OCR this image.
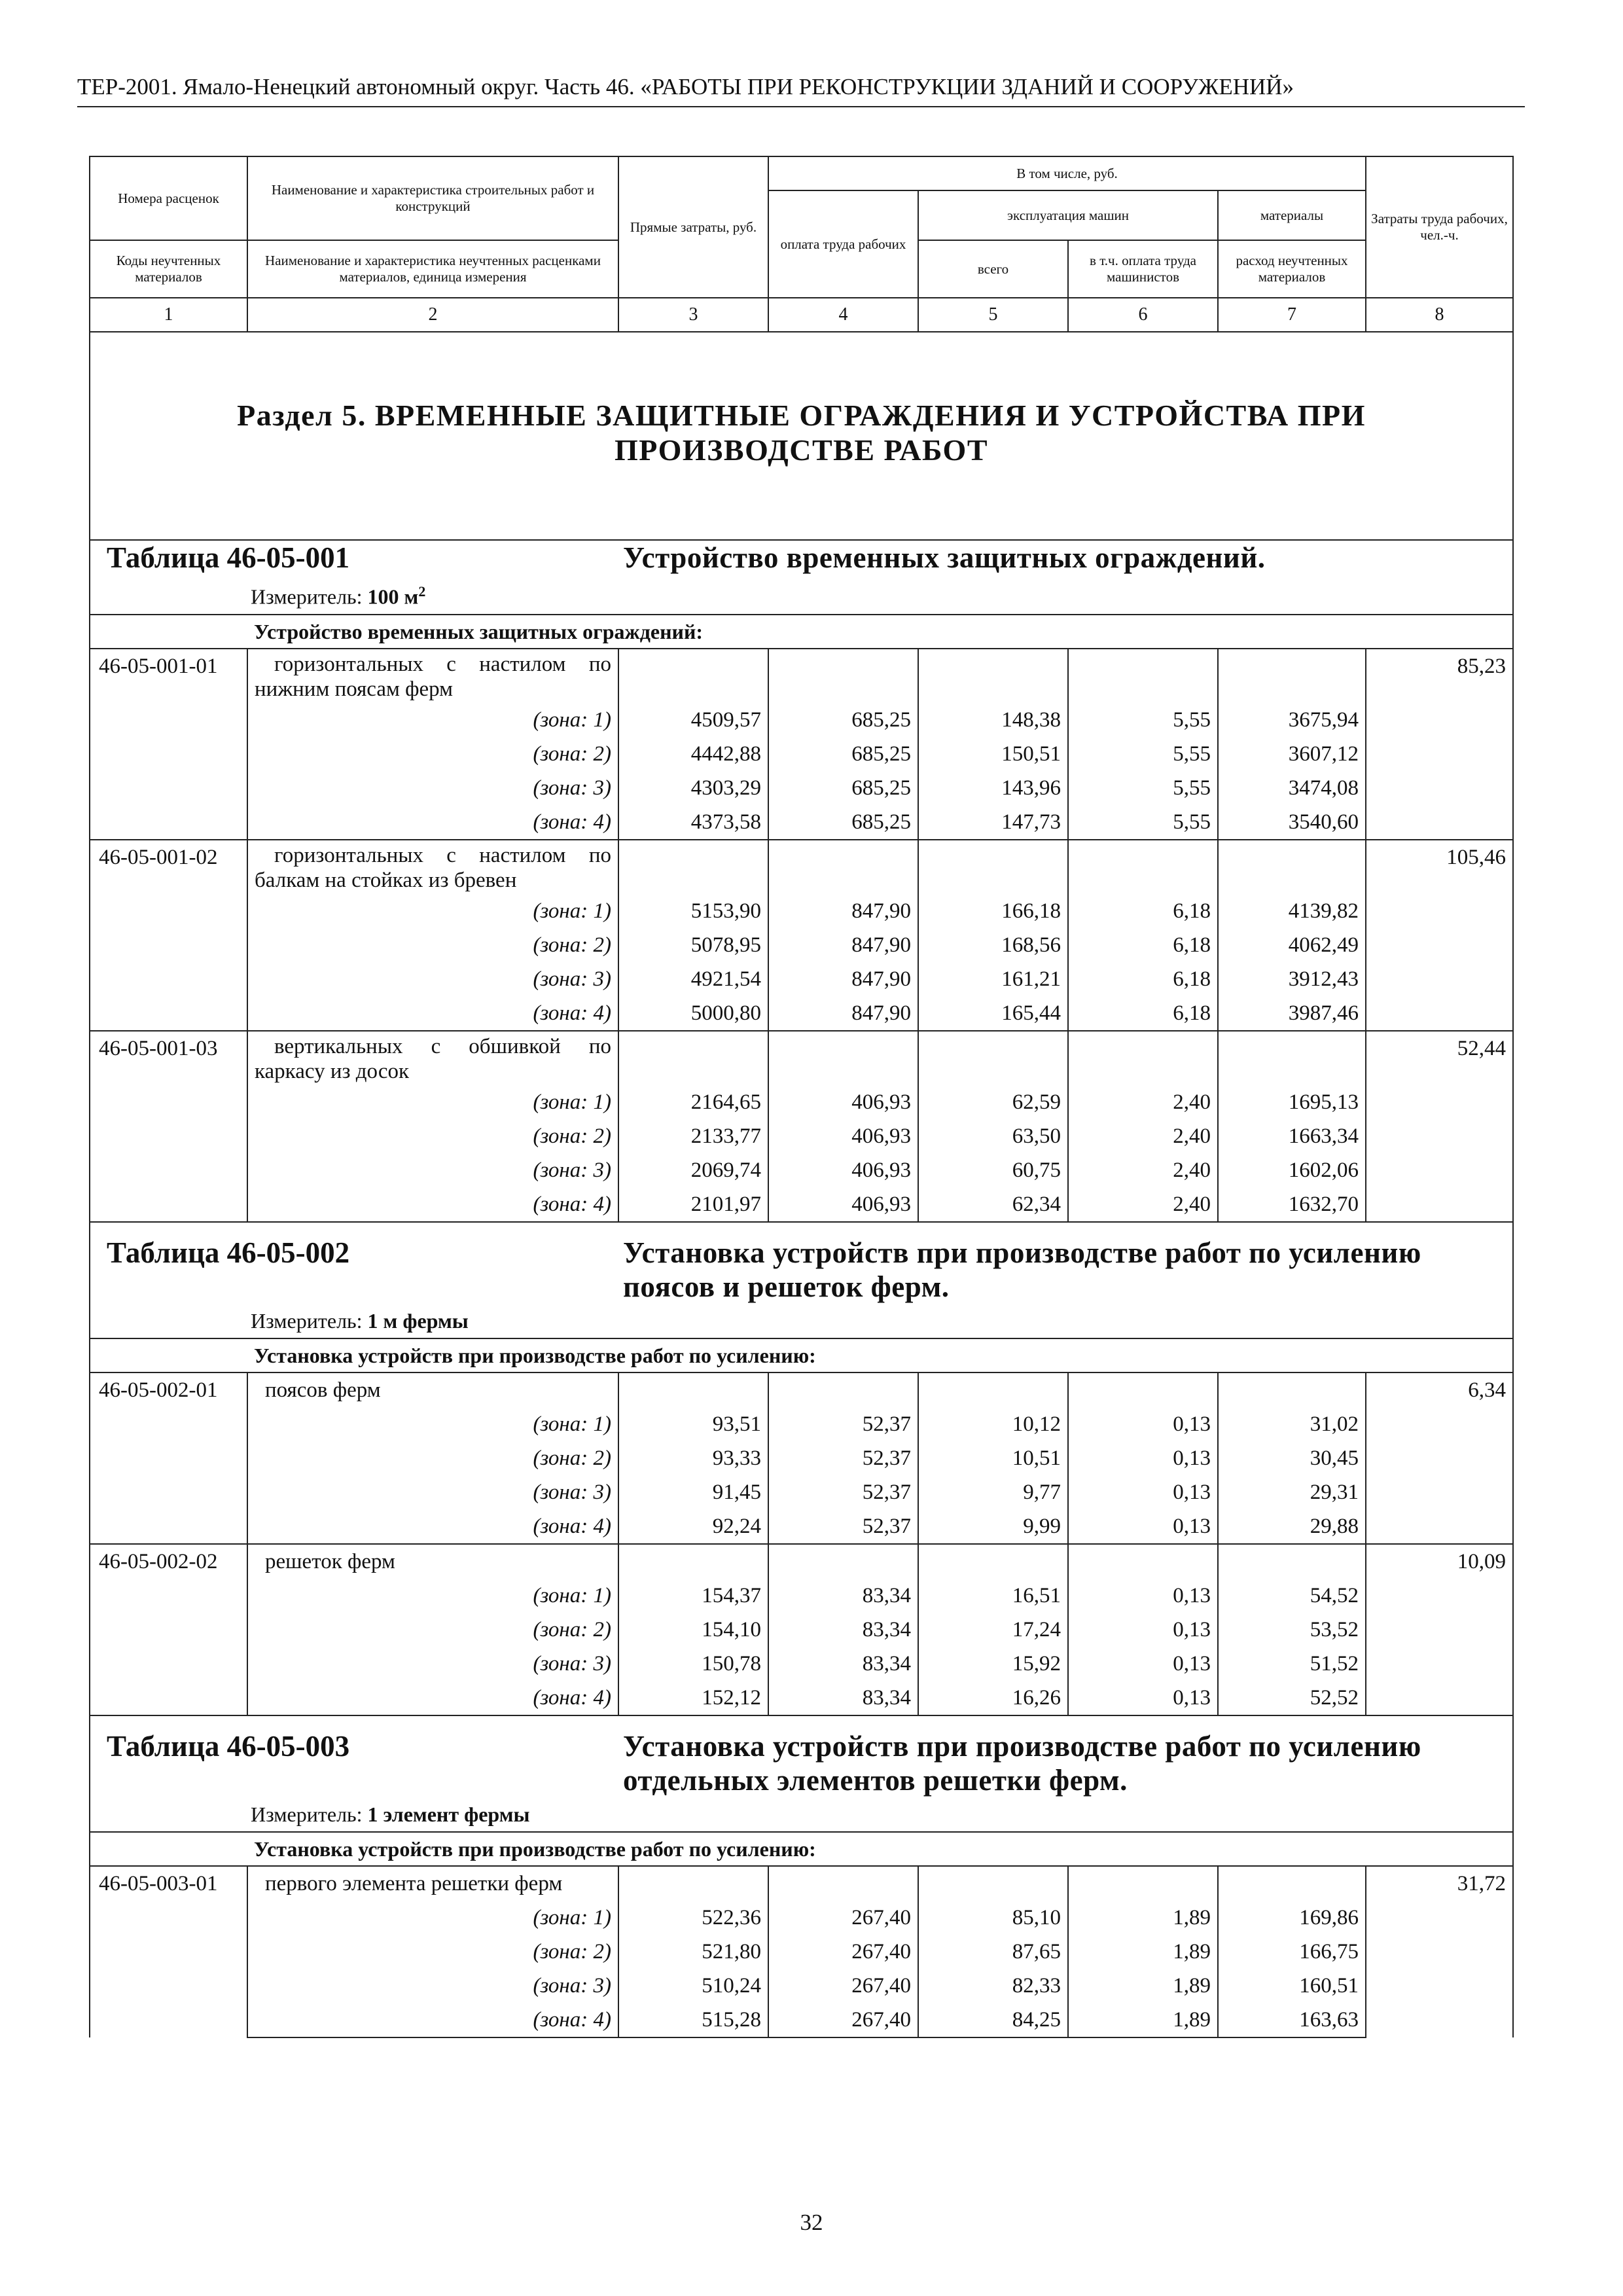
ТЕР-2001. Ямало-Ненецкий автономный округ. Часть 46. «РАБОТЫ ПРИ РЕКОНСТРУКЦИИ ЗДАНИЙ И СООРУЖЕНИЙ»

Номера расценок	Наименование и характеристика строительных работ и конструкций	Прямые затраты, руб.	В том числе, руб.				Затраты труда рабочих, чел.-ч.
			оплата труда рабочих	эксплуатация машин		материалы	
Коды неучтенных материалов	Наименование и характеристика неучтенных расценками материалов, единица измерения			всего	в т.ч. оплата труда машинистов	расход неучтенных материалов	

1	2	3	4	5	6	7	8

Раздел 5. ВРЕМЕННЫЕ ЗАЩИТНЫЕ ОГРАЖДЕНИЯ И УСТРОЙСТВА ПРИ
ПРОИЗВОДСТВЕ РАБОТ							

Таблица 46-05-001 Устройство временных защитных ограждений.
Измеритель: 100 $м^2$

	Устройство временных защитных ограждений:						
46-05-001-01	горизонтальных с настилом по нижним поясам ферм						85,23
	(зона: 1)	4509,57	685,25	148,38	5,55	3675,94	
	(зона: 2)	4442,88	685,25	150,51	5,55	3607,12	
	(зона: 3)	4303,29	685,25	143,96	5,55	3474,08	
	(зона: 4)	4373,58	685,25	147,73	5,55	3540,60	
46-05-001-02	горизонтальных с настилом по балкам на стойках из бревен						105,46
	(зона: 1)	5153,90	847,90	166,18	6,18	4139,82	
	(зона: 2)	5078,95	847,90	168,56	6,18	4062,49	
	(зона: 3)	4921,54	847,90	161,21	6,18	3912,43	
	(зона: 4)	5000,80	847,90	165,44	6,18	3987,46	
46-05-001-03	вертикальных с обшивкой по каркасу из досок						52,44
	(зона: 1)	2164,65	406,93	62,59	2,40	1695,13	
	(зона: 2)	2133,77	406,93	63,50	2,40	1663,34	
	(зона: 3)	2069,74	406,93	60,75	2,40	1602,06	
	(зона: 4)	2101,97	406,93	62,34	2,40	1632,70	

Таблица 46-05-002 Установка устройств при производстве работ по усилению поясов и решеток ферм.
Измеритель: 1 м фермы							

	Установка устройств при производстве работ по усилению:						
46-05-002-01	поясов ферм						6,34
	(зона: 1)	93,51	52,37	10,12	0,13	31,02	
	(зона: 2)	93,33	52,37	10,51	0,13	30,45	
	(зона: 3)	91,45	52,37	9,77	0,13	29,31	
	(зона: 4)	92,24	52,37	9,99	0,13	29,88	
46-05-002-02	решеток ферм						10,09
	(зона: 1)	154,37	83,34	16,51	0,13	54,52	
	(зона: 2)	154,10	83,34	17,24	0,13	53,52	
	(зона: 3)	150,78	83,34	15,92	0,13	51,52	
	(зона: 4)	152,12	83,34	16,26	0,13	52,52	

Таблица 46-05-003 Установка устройств при производстве работ по усилению отдельных элементов решетки ферм.
Измеритель: 1 элемент фермы							

	Установка устройств при производстве работ по усилению:						
46-05-003-01	первого элемента решетки ферм						31,72
	(зона: 1)	522,36	267,40	85,10	1,89	169,86	
	(зона: 2)	521,80	267,40	87,65	1,89	166,75	
	(зона: 3)	510,24	267,40	82,33	1,89	160,51	
	(зона: 4)	515,28	267,40	84,25	1,89	163,63	
32
